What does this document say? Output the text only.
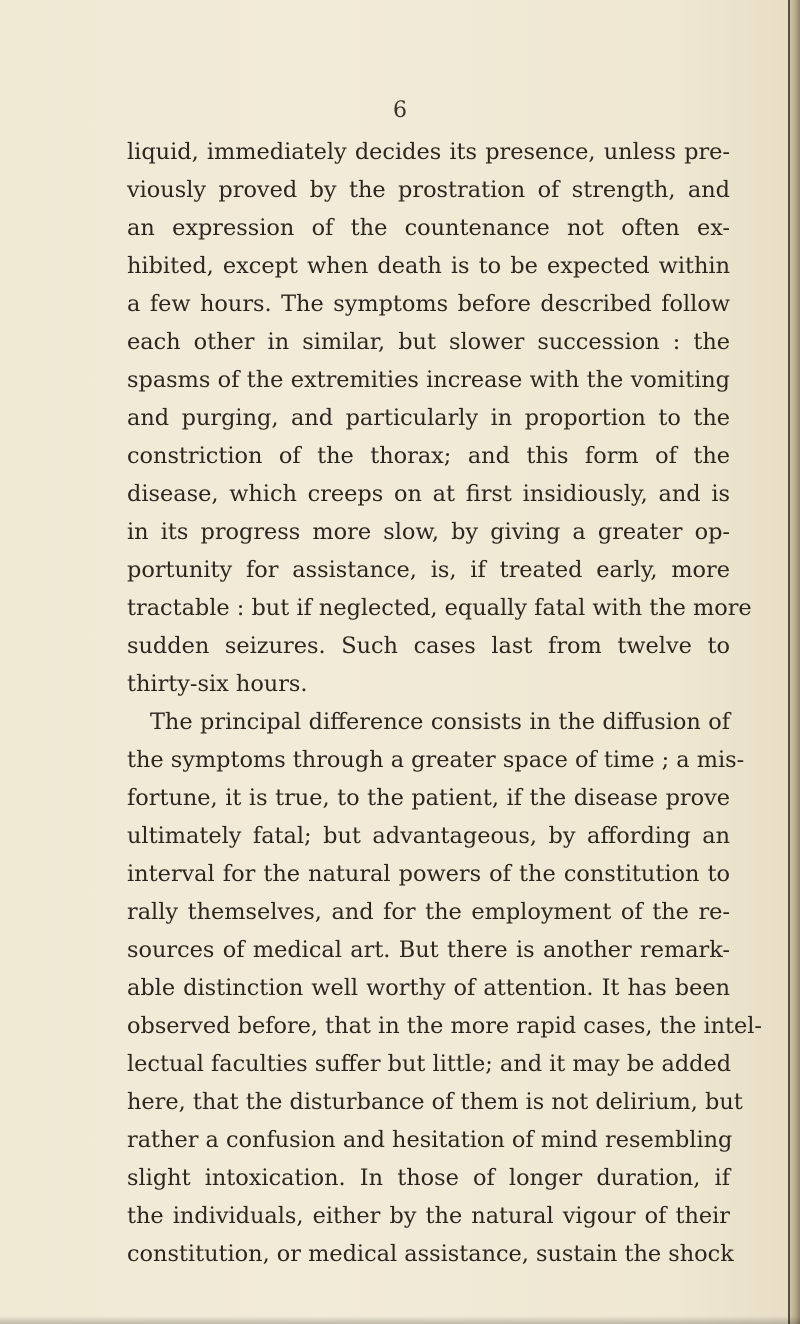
6
liquid, immediately decides its presence, unless pre-
viously proved by the prostration of strength, and
an expression of the countenance not often ex-
hibited, except when death is to be expected within
a few hours. The symptoms before described follow
each other in similar, but slower succession : the
spasms of the extremities increase with the vomiting
and purging, and particularly in proportion to the
constriction of the thorax; and this form of the
disease, which creeps on at first insidiously, and is
in its progress more slow, by giving a greater op-
portunity for assistance, is, if treated early, more
tractable : but if neglected, equally fatal with the more
sudden seizures. Such cases last from twelve to
thirty-six hours.
The principal difference consists in the diffusion of
the symptoms through a greater space of time ; a mis-
fortune, it is true, to the patient, if the disease prove
ultimately fatal; but advantageous, by affording an
interval for the natural powers of the constitution to
rally themselves, and for the employment of the re-
sources of medical art. But there is another remark-
able distinction well worthy of attention. It has been
observed before, that in the more rapid cases, the intel-
lectual faculties suffer but little; and it may be added
here, that the disturbance of them is not delirium, but
rather a confusion and hesitation of mind resembling
slight intoxication. In those of longer duration, if
the individuals, either by the natural vigour of their
constitution, or medical assistance, sustain the shock
